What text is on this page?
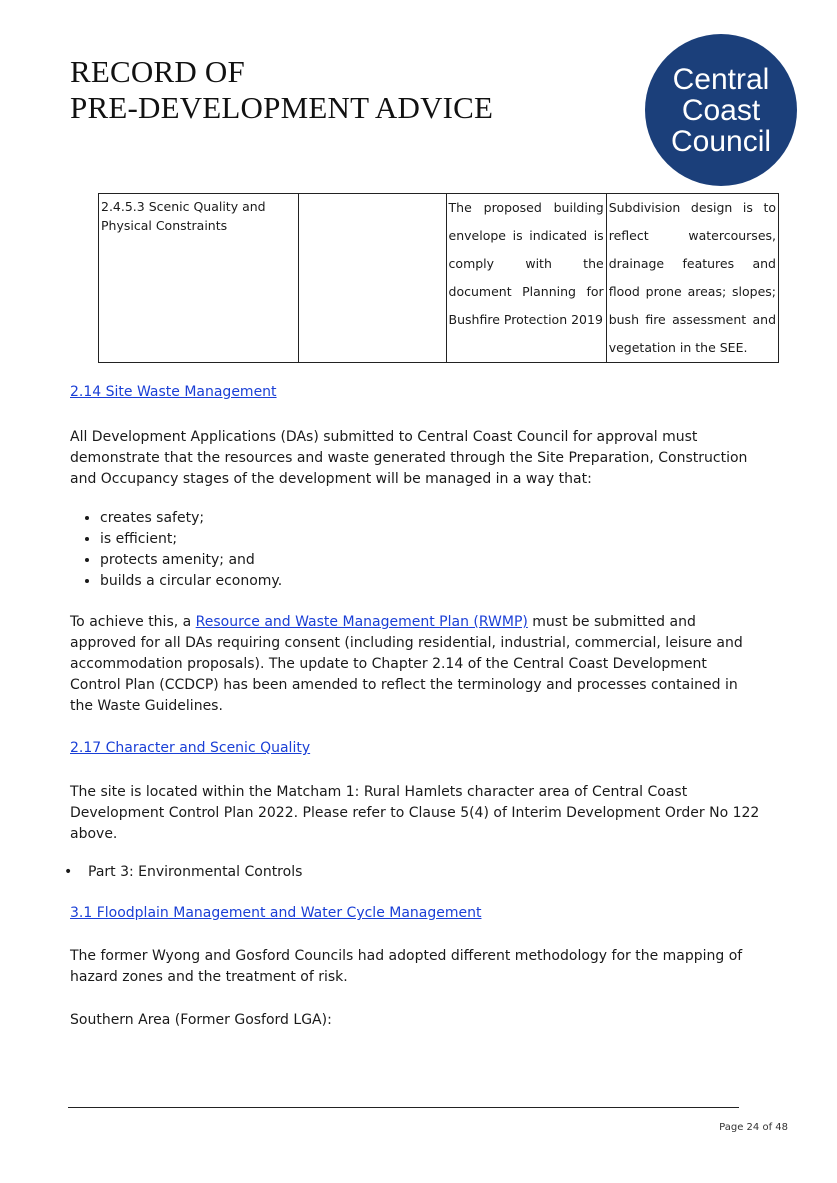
RECORD OF
PRE-DEVELOPMENT ADVICE
Central
Coast
Council
2.4.5.3 Scenic Quality and Physical Constraints		The proposed building envelope is indicated is comply with the document Planning for Bushfire Protection 2019	Subdivision design is to reflect watercourses, drainage features and flood prone areas; slopes; bush fire assessment and vegetation in the SEE.
2.14 Site Waste Management
All Development Applications (DAs) submitted to Central Coast Council for approval must demonstrate that the resources and waste generated through the Site Preparation, Construction and Occupancy stages of the development will be managed in a way that:
• creates safety;
• is efficient;
• protects amenity; and
• builds a circular economy.
To achieve this, a Resource and Waste Management Plan (RWMP) must be submitted and approved for all DAs requiring consent (including residential, industrial, commercial, leisure and accommodation proposals). The update to Chapter 2.14 of the Central Coast Development Control Plan (CCDCP) has been amended to reflect the terminology and processes contained in the Waste Guidelines.
2.17 Character and Scenic Quality
The site is located within the Matcham 1: Rural Hamlets character area of Central Coast Development Control Plan 2022. Please refer to Clause 5(4) of Interim Development Order No 122 above.
• Part 3: Environmental Controls
3.1 Floodplain Management and Water Cycle Management
The former Wyong and Gosford Councils had adopted different methodology for the mapping of hazard zones and the treatment of risk.
Southern Area (Former Gosford LGA):
Page 24 of 48
